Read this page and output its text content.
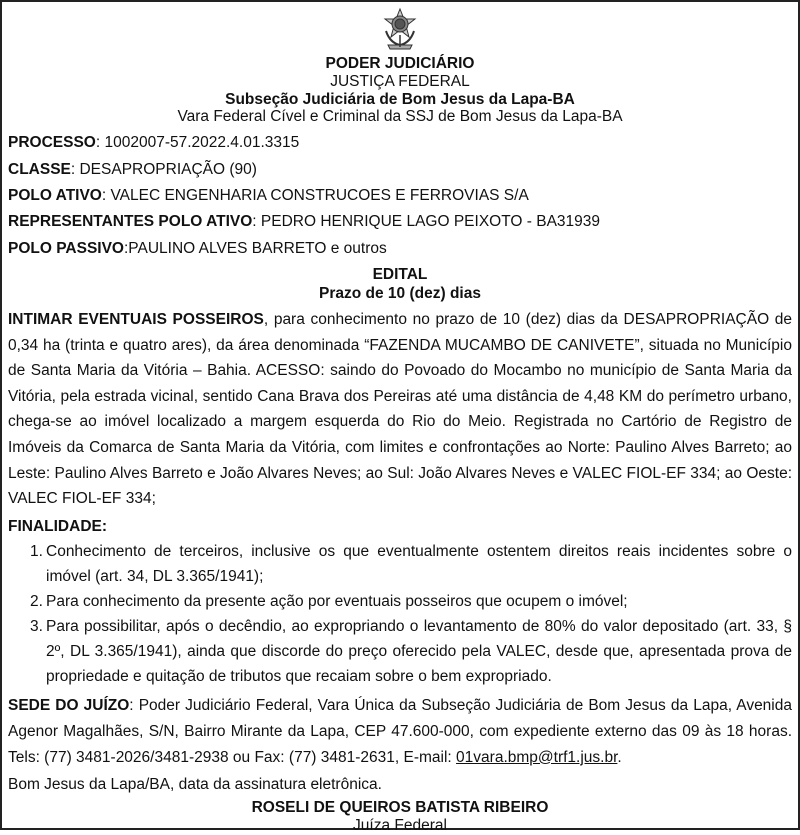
PODER JUDICIÁRIO
JUSTIÇA FEDERAL
Subseção Judiciária de Bom Jesus da Lapa-BA
Vara Federal Cível e Criminal da SSJ de Bom Jesus da Lapa-BA
PROCESSO: 1002007-57.2022.4.01.3315
CLASSE: DESAPROPRIAÇÃO (90)
POLO ATIVO: VALEC ENGENHARIA CONSTRUCOES E FERROVIAS S/A
REPRESENTANTES POLO ATIVO: PEDRO HENRIQUE LAGO PEIXOTO - BA31939
POLO PASSIVO:PAULINO ALVES BARRETO e outros
EDITAL
Prazo de 10 (dez) dias

INTIMAR EVENTUAIS POSSEIROS, para conhecimento no prazo de 10 (dez) dias da DESAPROPRIAÇÃO de 0,34 ha (trinta e quatro ares), da área denominada “FAZENDA MUCAMBO DE CANIVETE”, situada no Município de Santa Maria da Vitória – Bahia. ACESSO: saindo do Povoado do Mocambo no município de Santa Maria da Vitória, pela estrada vicinal, sentido Cana Brava dos Pereiras até uma distância de 4,48 KM do perímetro urbano, chega-se ao imóvel localizado a margem esquerda do Rio do Meio. Registrada no Cartório de Registro de Imóveis da Comarca de Santa Maria da Vitória, com limites e confrontações ao Norte: Paulino Alves Barreto; ao Leste: Paulino Alves Barreto e João Alvares Neves; ao Sul: João Alvares Neves e VALEC FIOL-EF 334; ao Oeste: VALEC FIOL-EF 334;

FINALIDADE:
1. Conhecimento de terceiros, inclusive os que eventualmente ostentem direitos reais incidentes sobre o imóvel (art. 34, DL 3.365/1941);
2. Para conhecimento da presente ação por eventuais posseiros que ocupem o imóvel;
3. Para possibilitar, após o decêndio, ao expropriando o levantamento de 80% do valor depositado (art. 33, § 2º, DL 3.365/1941), ainda que discorde do preço oferecido pela VALEC, desde que, apresentada prova de propriedade e quitação de tributos que recaiam sobre o bem expropriado.

SEDE DO JUÍZO: Poder Judiciário Federal, Vara Única da Subseção Judiciária de Bom Jesus da Lapa, Avenida Agenor Magalhães, S/N, Bairro Mirante da Lapa, CEP 47.600-000, com expediente externo das 09 às 18 horas. Tels: (77) 3481-2026/3481-2938 ou Fax: (77) 3481-2631, E-mail: 01vara.bmp@trf1.jus.br.

Bom Jesus da Lapa/BA, data da assinatura eletrônica.

ROSELI DE QUEIROS BATISTA RIBEIRO
Juíza Federal
